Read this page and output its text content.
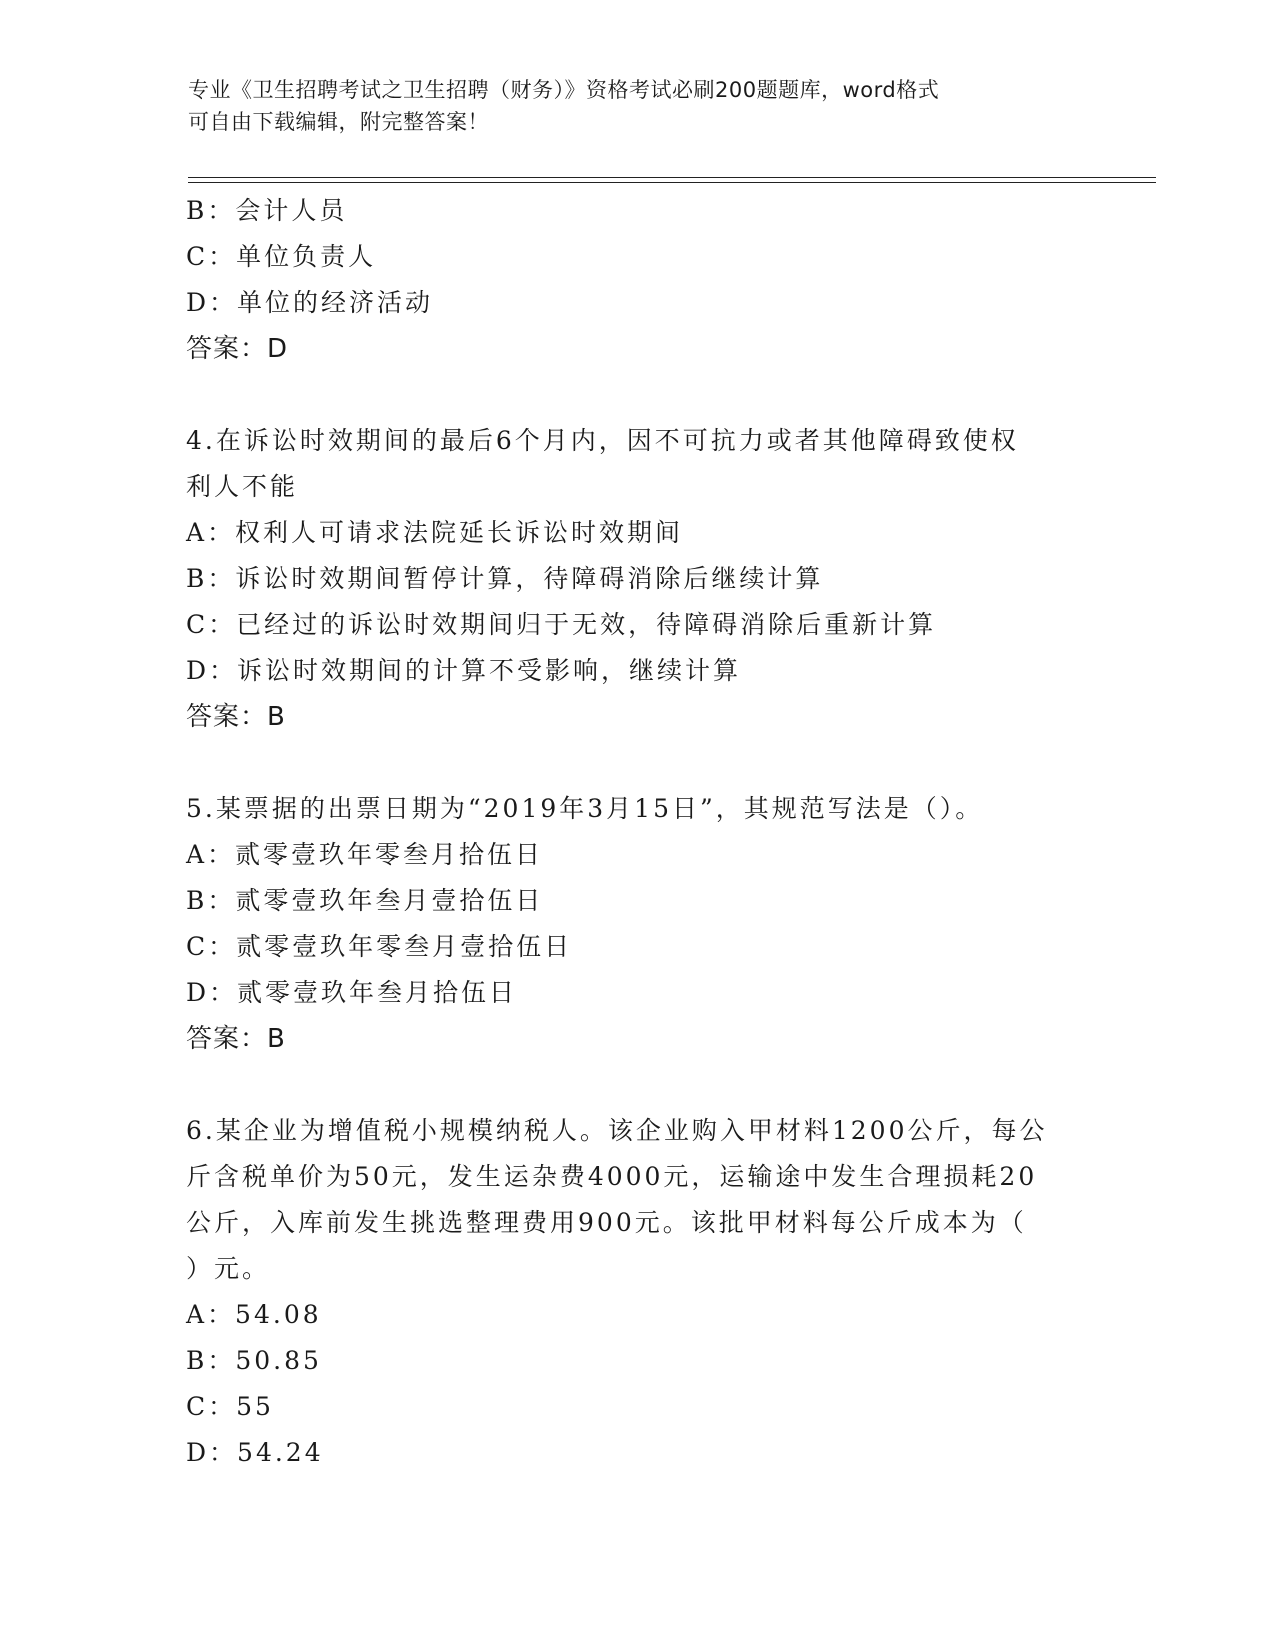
专业《卫生招聘考试之卫生招聘（财务）》资格考试必刷200题题库，word格式
可自由下载编辑，附完整答案！
B：会计人员
C：单位负责人
D：单位的经济活动
答案：D
4.在诉讼时效期间的最后6个月内，因不可抗力或者其他障碍致使权
利人不能
A：权利人可请求法院延长诉讼时效期间
B：诉讼时效期间暂停计算，待障碍消除后继续计算
C：已经过的诉讼时效期间归于无效，待障碍消除后重新计算
D：诉讼时效期间的计算不受影响，继续计算
答案：B
5.某票据的出票日期为“2019年3月15日”，其规范写法是（）。
A：贰零壹玖年零叁月拾伍日
B：贰零壹玖年叁月壹拾伍日
C：贰零壹玖年零叁月壹拾伍日
D：贰零壹玖年叁月拾伍日
答案：B
6.某企业为增值税小规模纳税人。该企业购入甲材料1200公斤，每公
斤含税单价为50元，发生运杂费4000元，运输途中发生合理损耗20
公斤，入库前发生挑选整理费用900元。该批甲材料每公斤成本为（
）元。
A：54.08
B：50.85
C：55
D：54.24
